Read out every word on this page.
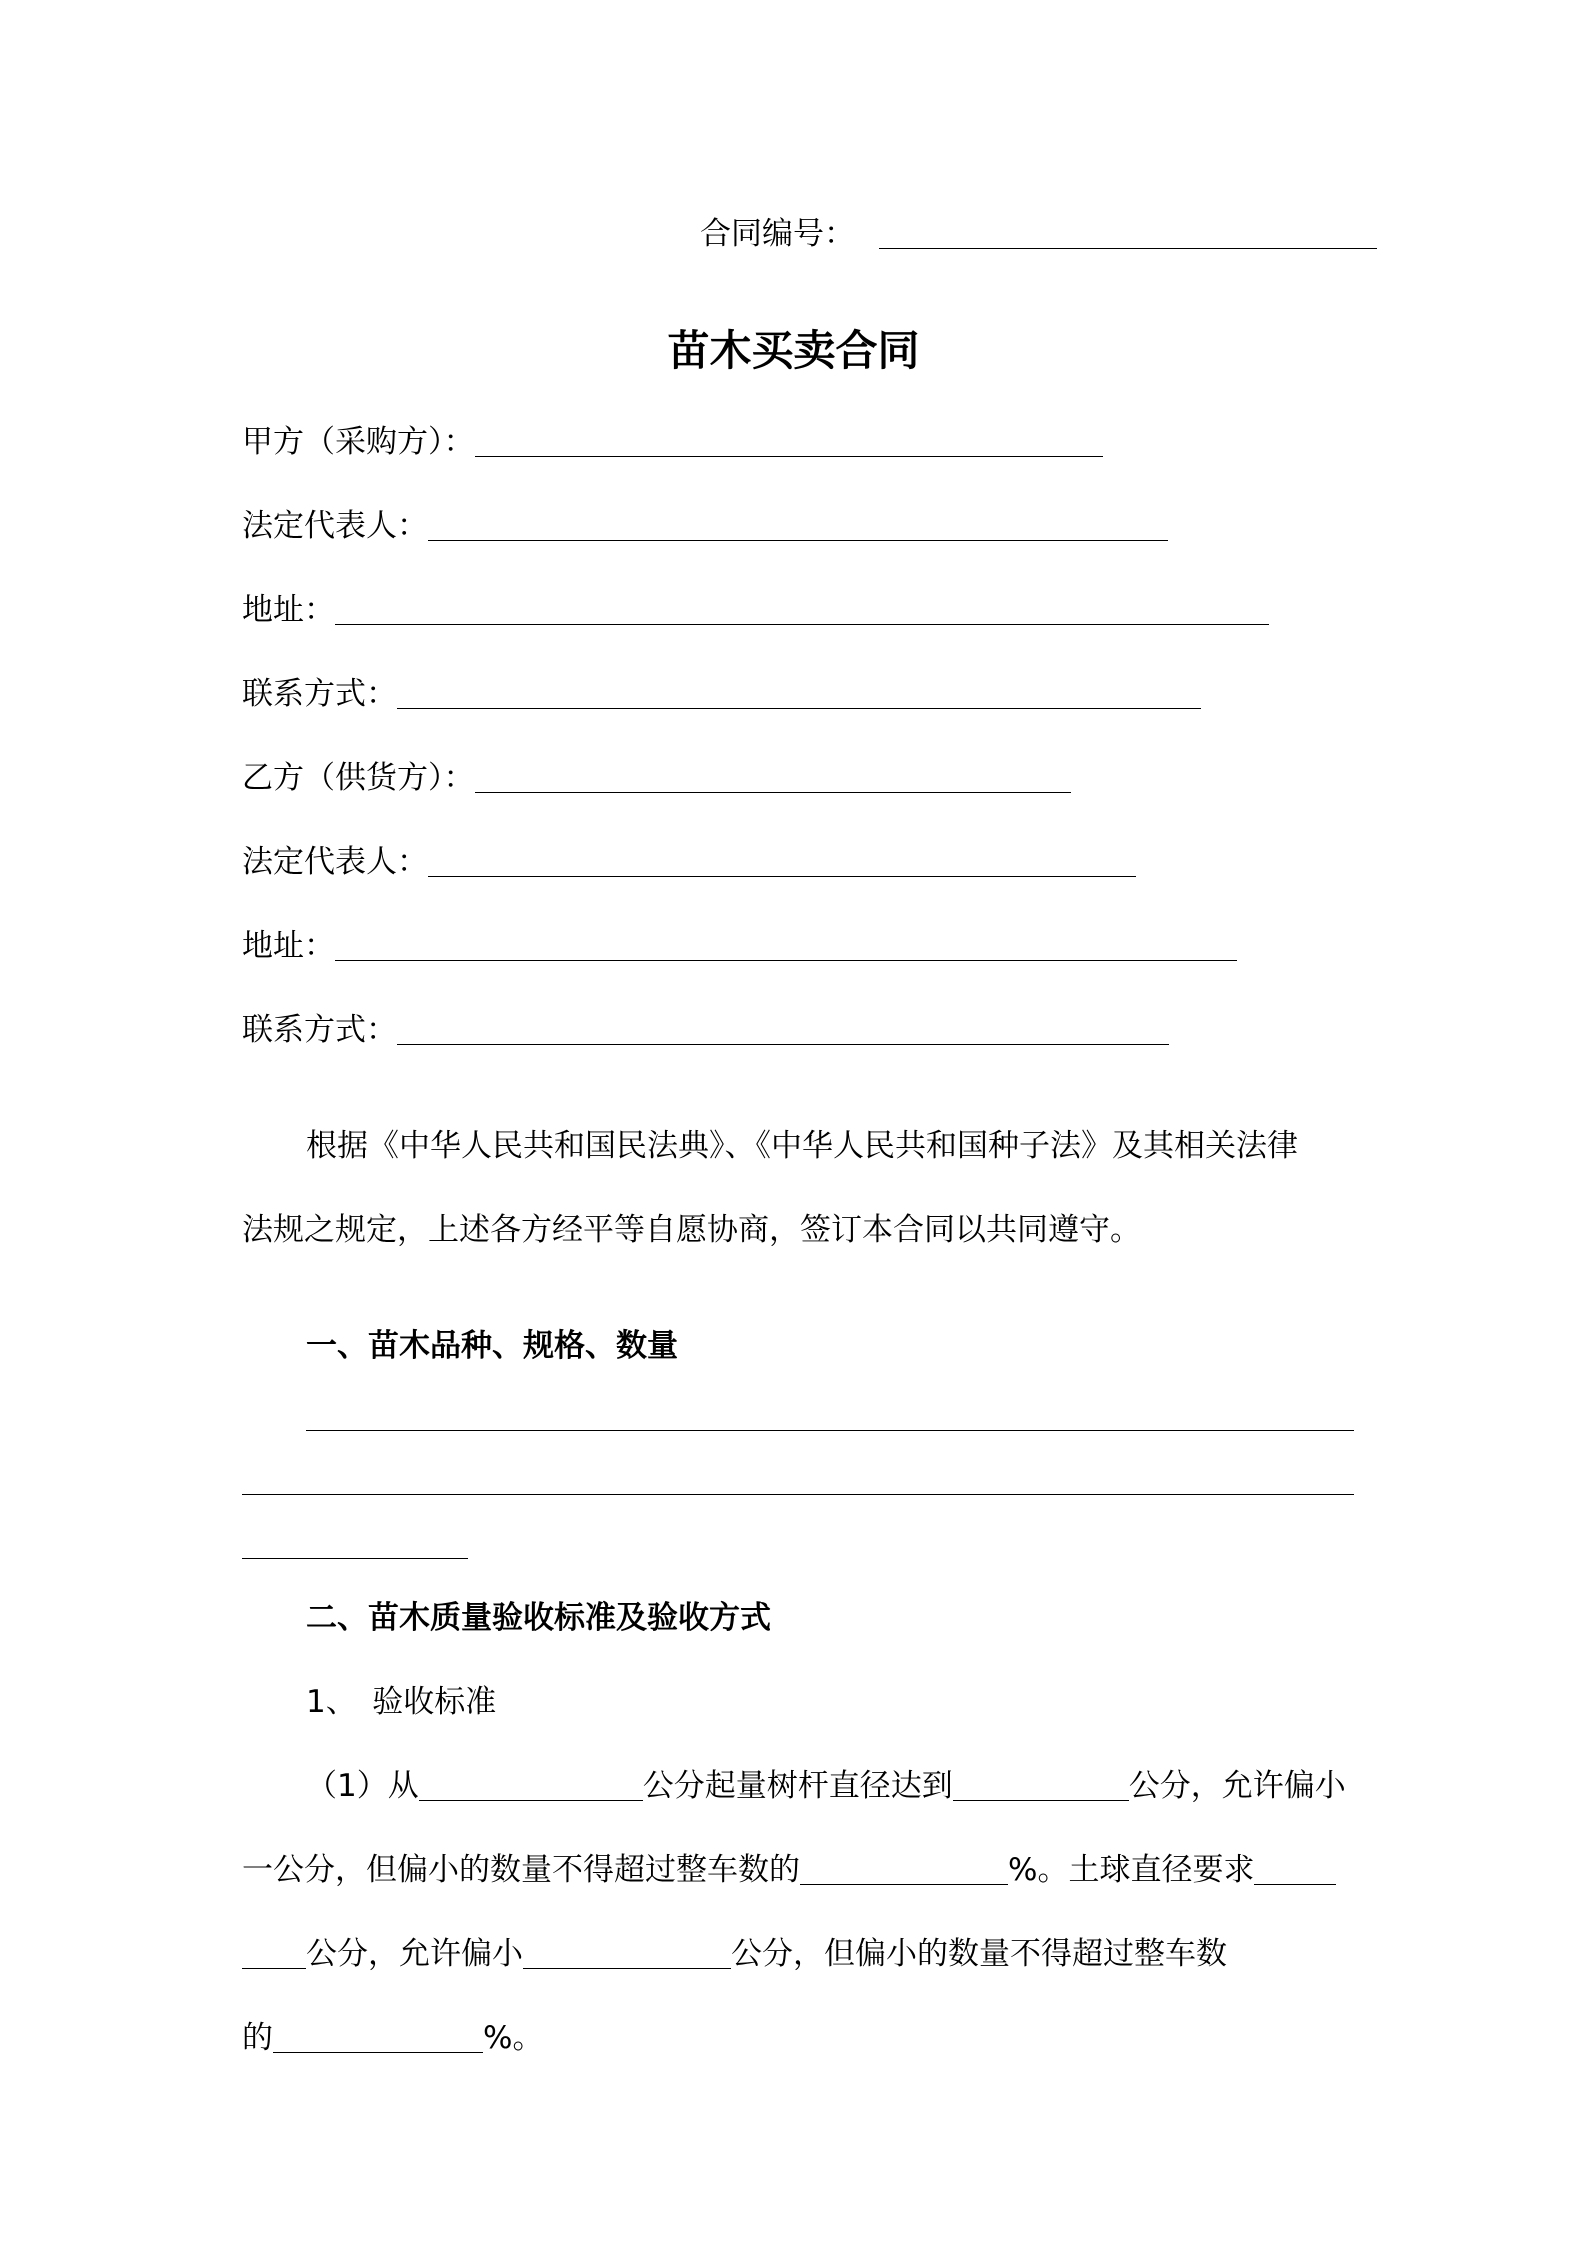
合同编号：
苗木买卖合同
甲方（采购方）：
法定代表人：
地址：
联系方式：
乙方（供货方）：
法定代表人：
地址：
联系方式：
根据《中华人民共和国民法典》、《中华人民共和国种子法》及其相关法律
法规之规定，上述各方经平等自愿协商，签订本合同以共同遵守。
一、苗木品种、规格、数量
二、苗木质量验收标准及验收方式
1、　验收标准
（1）从	公分起量树杆直径达到	公分，允许偏小
一公分，但偏小的数量不得超过整车数的	%。土球直径要求
公分，允许偏小	公分，但偏小的数量不得超过整车数
的	%。
